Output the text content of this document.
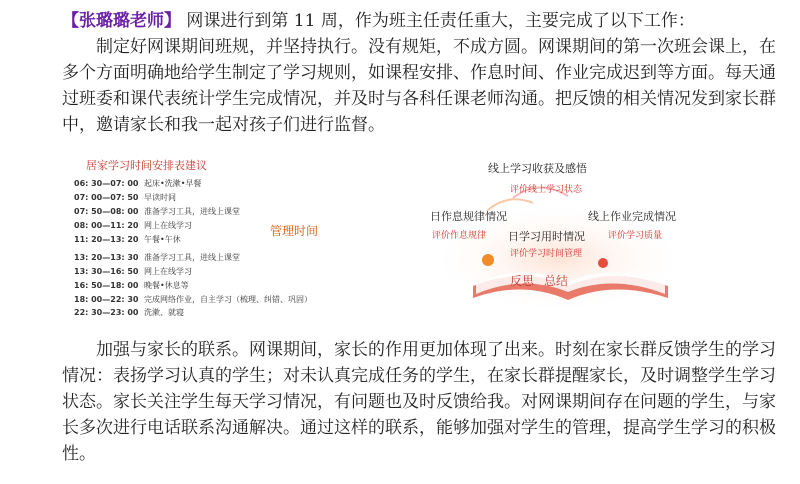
【张璐璐老师】 网课进行到第 11 周，作为班主任责任重大，主要完成了以下工作：
制定好网课期间班规，并坚持执行。没有规矩，不成方圆。网课期间的第一次班会课上，在多个方面明确地给学生制定了学习规则，如课程安排、作息时间、作业完成迟到等方面。每天通过班委和课代表统计学生完成情况，并及时与各科任课老师沟通。把反馈的相关情况发到家长群中，邀请家长和我一起对孩子们进行监督。

居家学习时间安排表建议
06: 30—07: 00 起床•洗漱•早餐
07: 00—07: 50 早读时间
07: 50—08: 00 准备学习工具，进线上课堂
08: 00—11: 20 网上在线学习
11: 20—13: 20 午餐•午休
13: 20—13: 30 准备学习工具，进线上课堂
13: 30—16: 50 网上在线学习
16: 50—18: 00 晚餐•休息等
18: 00—22: 30 完成网络作业，自主学习（梳理、纠错、巩固）
22: 30—23: 00 洗漱、就寝
管理时间
线上学习收获及感悟
评价线上学习状态
日作息规律情况
评价作息规律 日学习用时情况
评价学习时间管理
线上作业完成情况
评价学习质量
反思 总结

加强与家长的联系。网课期间，家长的作用更加体现了出来。时刻在家长群反馈学生的学习情况：表扬学习认真的学生；对未认真完成任务的学生，在家长群提醒家长，及时调整学生学习状态。家长关注学生每天学习情况，有问题也及时反馈给我。对网课期间存在问题的学生，与家长多次进行电话联系沟通解决。通过这样的联系，能够加强对学生的管理，提高学生学习的积极性。
